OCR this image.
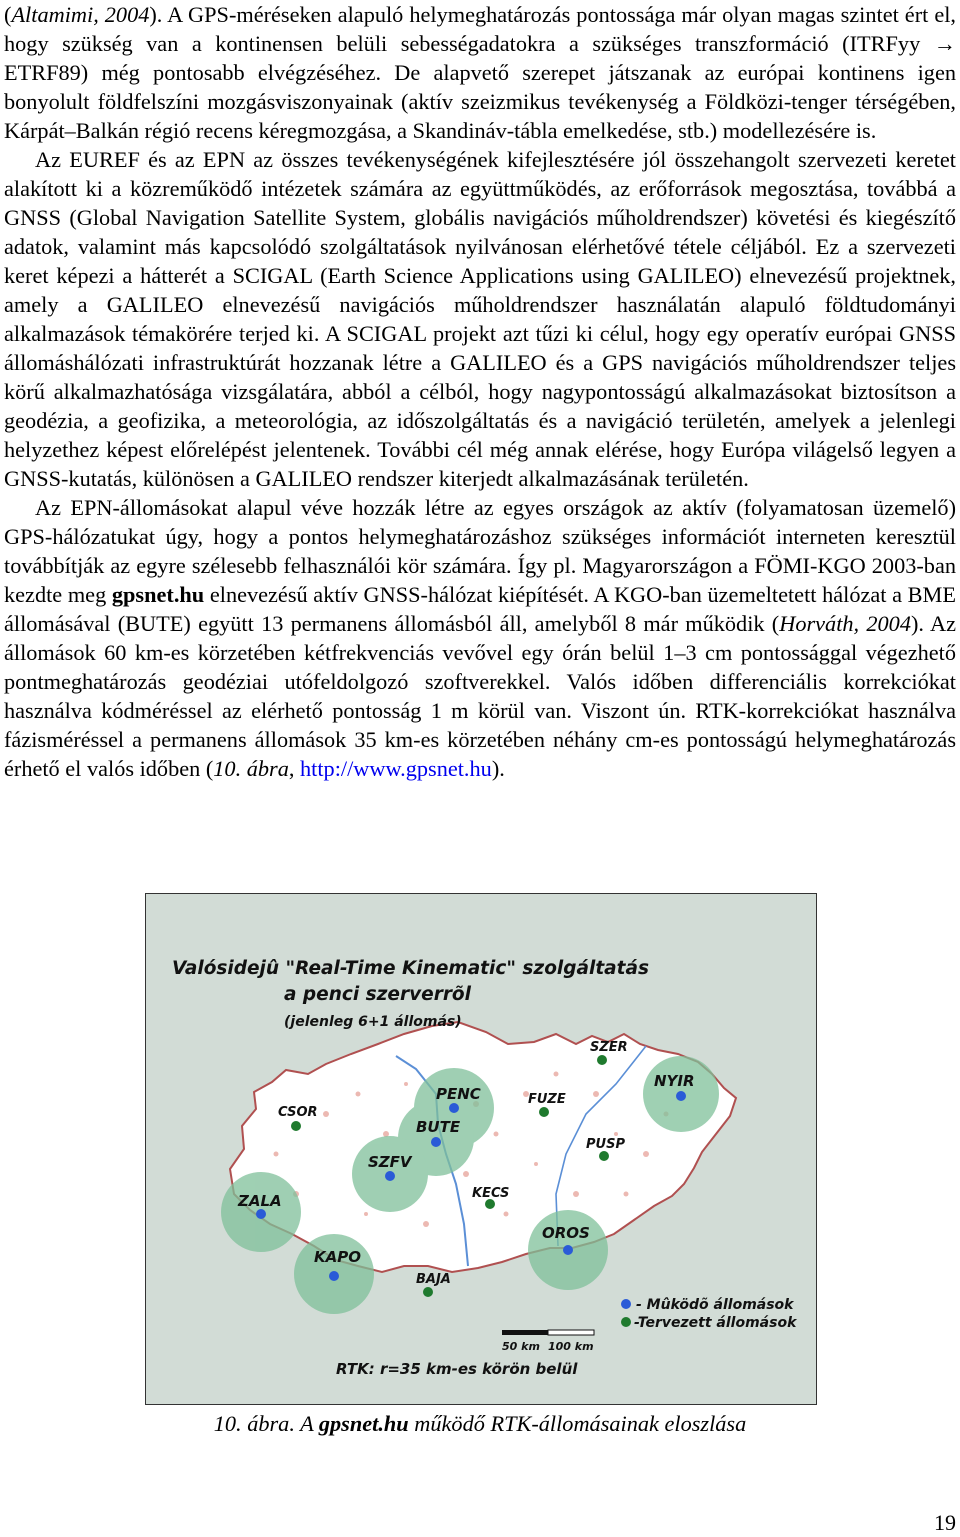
(Altamimi, 2004). A GPS-méréseken alapuló helymeghatározás pontossága már olyan magas szintet ért el, hogy szükség van a kontinensen belüli sebességadatokra a szükséges transzformáció (ITRFyy → ETRF89) még pontosabb elvégzéséhez. De alapvető szerepet játszanak az európai kontinens igen bonyolult földfelszíni mozgásviszonyainak (aktív szeizmikus tevékenység a Földközi-tenger térségében, Kárpát–Balkán régió recens kéregmozgása, a Skandináv-tábla emelkedése, stb.) modellezésére is.

Az EUREF és az EPN az összes tevékenységének kifejlesztésére jól összehangolt szervezeti keretet alakított ki a közreműködő intézetek számára az együttműködés, az erőforrások megosztása, továbbá a GNSS (Global Navigation Satellite System, globális navigációs műholdrendszer) követési és kiegészítő adatok, valamint más kapcsolódó szolgáltatások nyilvánosan elérhetővé tétele céljából. Ez a szervezeti keret képezi a hátterét a SCIGAL (Earth Science Applications using GALILEO) elnevezésű projektnek, amely a GALILEO elnevezésű navigációs műholdrendszer használatán alapuló földtudományi alkalmazások témakörére terjed ki. A SCIGAL projekt azt tűzi ki célul, hogy egy operatív európai GNSS állomáshálózati infrastruktúrát hozzanak létre a GALILEO és a GPS navigációs műholdrendszer teljes körű alkalmazhatósága vizsgálatára, abból a célból, hogy nagypontosságú alkalmazásokat biztosítson a geodézia, a geofizika, a meteorológia, az időszolgáltatás és a navigáció területén, amelyek a jelenlegi helyzethez képest előrelépést jelentenek. További cél még annak elérése, hogy Európa világelső legyen a GNSS-kutatás, különösen a GALILEO rendszer kiterjedt alkalmazásának területén.

Az EPN-állomásokat alapul véve hozzák létre az egyes országok az aktív (folyamatosan üzemelő) GPS-hálózatukat úgy, hogy a pontos helymeghatározáshoz szükséges információt interneten keresztül továbbítják az egyre szélesebb felhasználói kör számára. Így pl. Magyarországon a FÖMI-KGO 2003-ban kezdte meg gpsnet.hu elnevezésű aktív GNSS-hálózat kiépítését. A KGO-ban üzemeltetett hálózat a BME állomásával (BUTE) együtt 13 permanens állomásból áll, amelyből 8 már működik (Horváth, 2004). Az állomások 60 km-es körzetében kétfrekvenciás vevővel egy órán belül 1–3 cm pontossággal végezhető pontmeghatározás geodéziai utófeldolgozó szoftverekkel. Valós időben differenciális korrekciókat használva kódméréssel az elérhető pontosság 1 m körül van. Viszont ún. RTK-korrekciókat használva fázisméréssel a permanens állomások 35 km-es körzetében néhány cm-es pontosságú helymeghatározás érhető el valós időben (10. ábra, http://www.gpsnet.hu).

Valósidejû "Real-Time Kinematic" szolgáltatás
a penci szerverrõl
(jelenleg 6+1 állomás)
SZER
NYIR
PENC	FUZE
CSOR
BUTE
PUSP
SZFV
KECS
ZALA
OROS
KAPO
BAJA
- Mûködõ állomások
-Tervezett állomások
50 km 100 km
RTK: r=35 km-es körön belül
10. ábra. A gpsnet.hu működő RTK-állomásainak eloszlása
19
